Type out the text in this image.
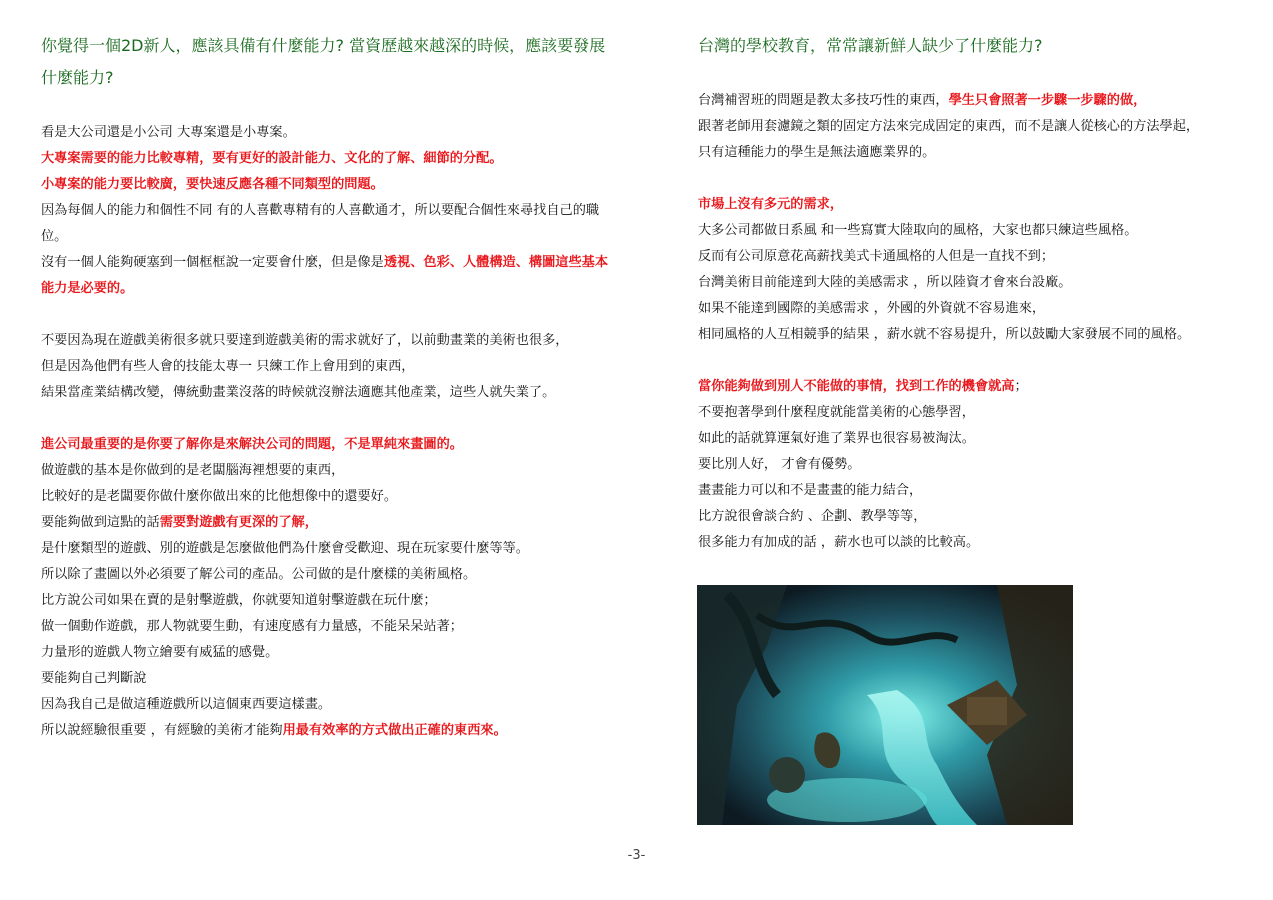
你覺得一個2D新人，應該具備有什麼能力? 當資歷越來越深的時候，應該要發展什麼能力?
看是大公司還是小公司 大專案還是小專案。
大專案需要的能力比較專精，要有更好的設計能力、文化的了解、細節的分配。
小專案的能力要比較廣，要快速反應各種不同類型的問題。
因為每個人的能力和個性不同 有的人喜歡專精有的人喜歡通才，所以要配合個性來尋找自己的職位。
沒有一個人能夠硬塞到一個框框說一定要會什麼，但是像是透視、色彩、人體構造、構圖這些基本能力是必要的。
不要因為現在遊戲美術很多就只要達到遊戲美術的需求就好了，以前動畫業的美術也很多，
但是因為他們有些人會的技能太專一 只練工作上會用到的東西，
結果當產業結構改變，傳統動畫業沒落的時候就沒辦法適應其他產業，這些人就失業了。
進公司最重要的是你要了解你是來解決公司的問題，不是單純來畫圖的。
做遊戲的基本是你做到的是老闆腦海裡想要的東西，
比較好的是老闆要你做什麼你做出來的比他想像中的還要好。
要能夠做到這點的話需要對遊戲有更深的了解，
是什麼類型的遊戲、別的遊戲是怎麼做他們為什麼會受歡迎、現在玩家要什麼等等。
所以除了畫圖以外必須要了解公司的產品。公司做的是什麼樣的美術風格。
比方說公司如果在賣的是射擊遊戲，你就要知道射擊遊戲在玩什麼；
做一個動作遊戲，那人物就要生動，有速度感有力量感，不能呆呆站著；
力量形的遊戲人物立繪要有威猛的感覺。
要能夠自己判斷說
因為我自己是做這種遊戲所以這個東西要這樣畫。
所以說經驗很重要 ，有經驗的美術才能夠用最有效率的方式做出正確的東西來。
台灣的學校教育，常常讓新鮮人缺少了什麼能力?
台灣補習班的問題是教太多技巧性的東西，學生只會照著一步驟一步驟的做，
跟著老師用套濾鏡之類的固定方法來完成固定的東西，而不是讓人從核心的方法學起，
只有這種能力的學生是無法適應業界的。
市場上沒有多元的需求，
大多公司都做日系風 和一些寫實大陸取向的風格，大家也都只練這些風格。
反而有公司原意花高薪找美式卡通風格的人但是一直找不到；
台灣美術目前能達到大陸的美感需求 ，所以陸資才會來台設廠。
如果不能達到國際的美感需求 ，外國的外資就不容易進來，
相同風格的人互相競爭的結果 ，薪水就不容易提升，所以鼓勵大家發展不同的風格。
當你能夠做到別人不能做的事情，找到工作的機會就高；
不要抱著學到什麼程度就能當美術的心態學習，
如此的話就算運氣好進了業界也很容易被淘汰。
要比別人好， 才會有優勢。
畫畫能力可以和不是畫畫的能力結合，
比方說很會談合約 、企劃、教學等等，
很多能力有加成的話 ，薪水也可以談的比較高。
-3-
